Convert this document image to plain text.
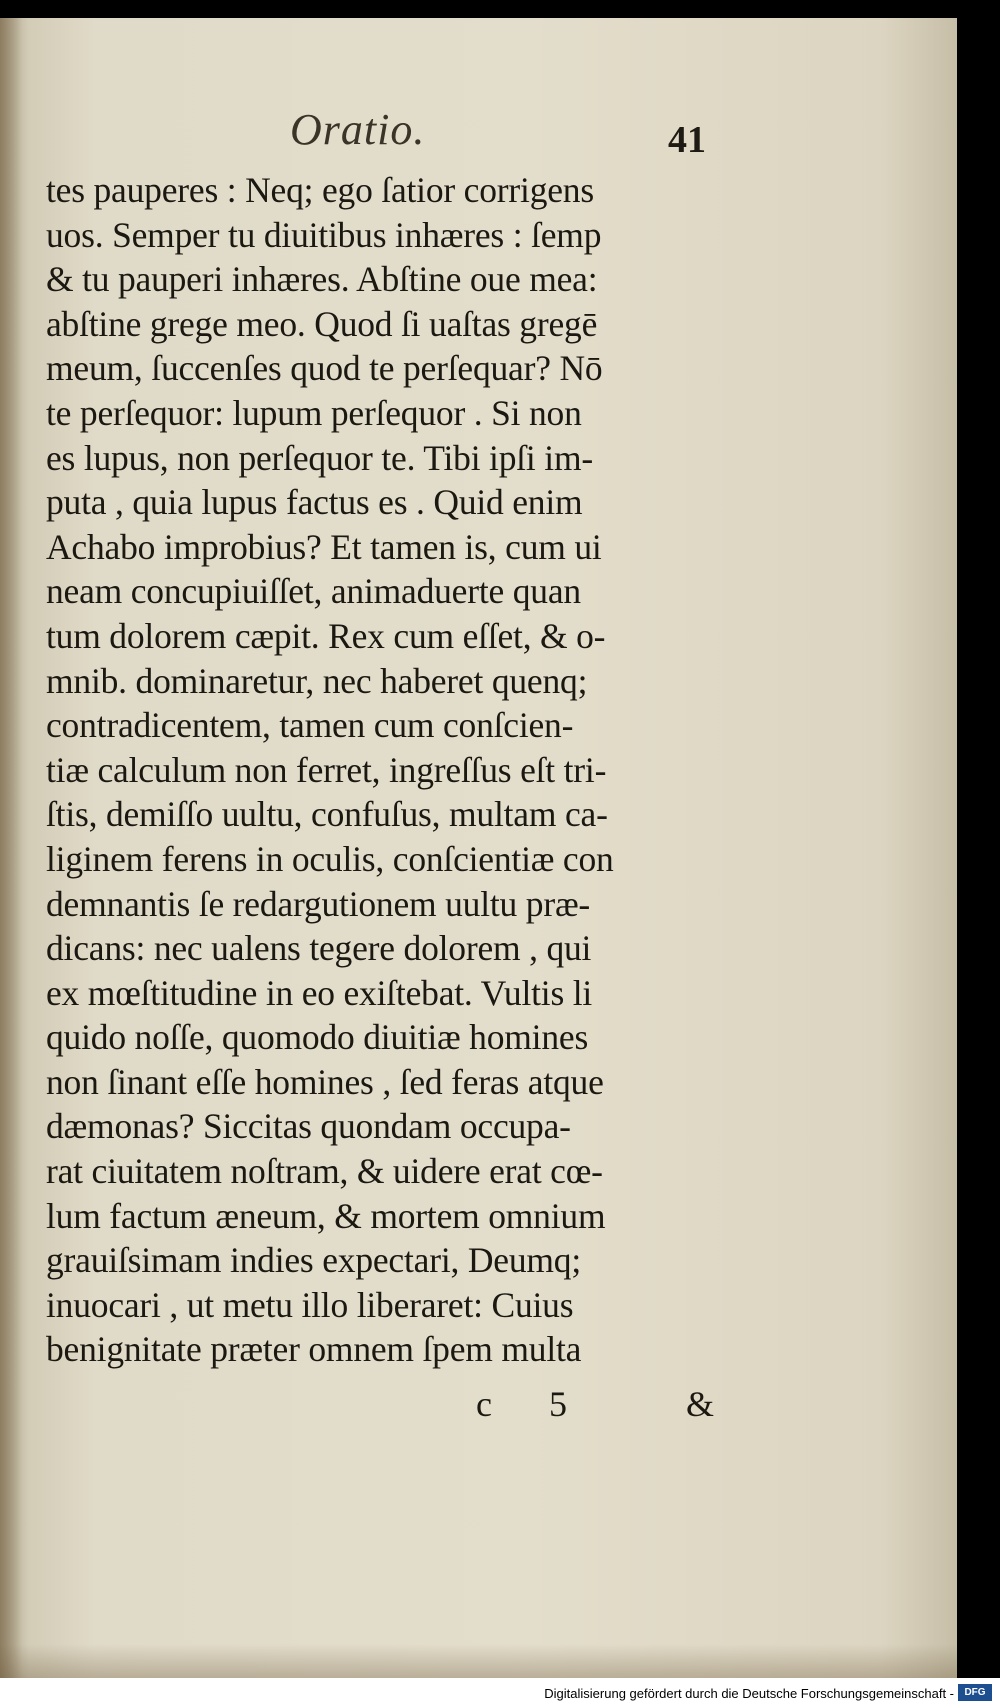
Oratio.	41
tes pauperes : Neq; ego ſatior corrigens
uos. Semper tu diuitibus inhæres : ſemp
& tu pauperi inhæres. Abſtine oue mea:
abſtine grege meo. Quod ſi uaſtas gregē
meum, ſuccenſes quod te perſequar? Nō
te perſequor: lupum perſequor . Si non
es lupus, non perſequor te. Tibi ipſi im-
puta , quia lupus factus es . Quid enim
Achabo improbius? Et tamen is, cum ui
neam concupiuiſſet, animaduerte quan
tum dolorem cæpit. Rex cum eſſet, & o-
mnib. dominaretur, nec haberet quenq;
contradicentem, tamen cum conſcien-
tiæ calculum non ferret, ingreſſus eſt tri-
ſtis, demiſſo uultu, confuſus, multam ca-
liginem ferens in oculis, conſcientiæ con
demnantis ſe redargutionem uultu præ-
dicans: nec ualens tegere dolorem , qui
ex mœſtitudine in eo exiſtebat. Vultis li
quido noſſe, quomodo diuitiæ homines
non ſinant eſſe homines , ſed feras atque
dæmonas? Siccitas quondam occupa-
rat ciuitatem noſtram, & uidere erat cœ-
lum factum æneum, & mortem omnium
grauiſsimam indies expectari, Deumq;
inuocari , ut metu illo liberaret: Cuius
benignitate præter omnem ſpem multa
c 5	&
Digitalisierung gefördert durch die Deutsche Forschungsgemeinschaft -	DFG
